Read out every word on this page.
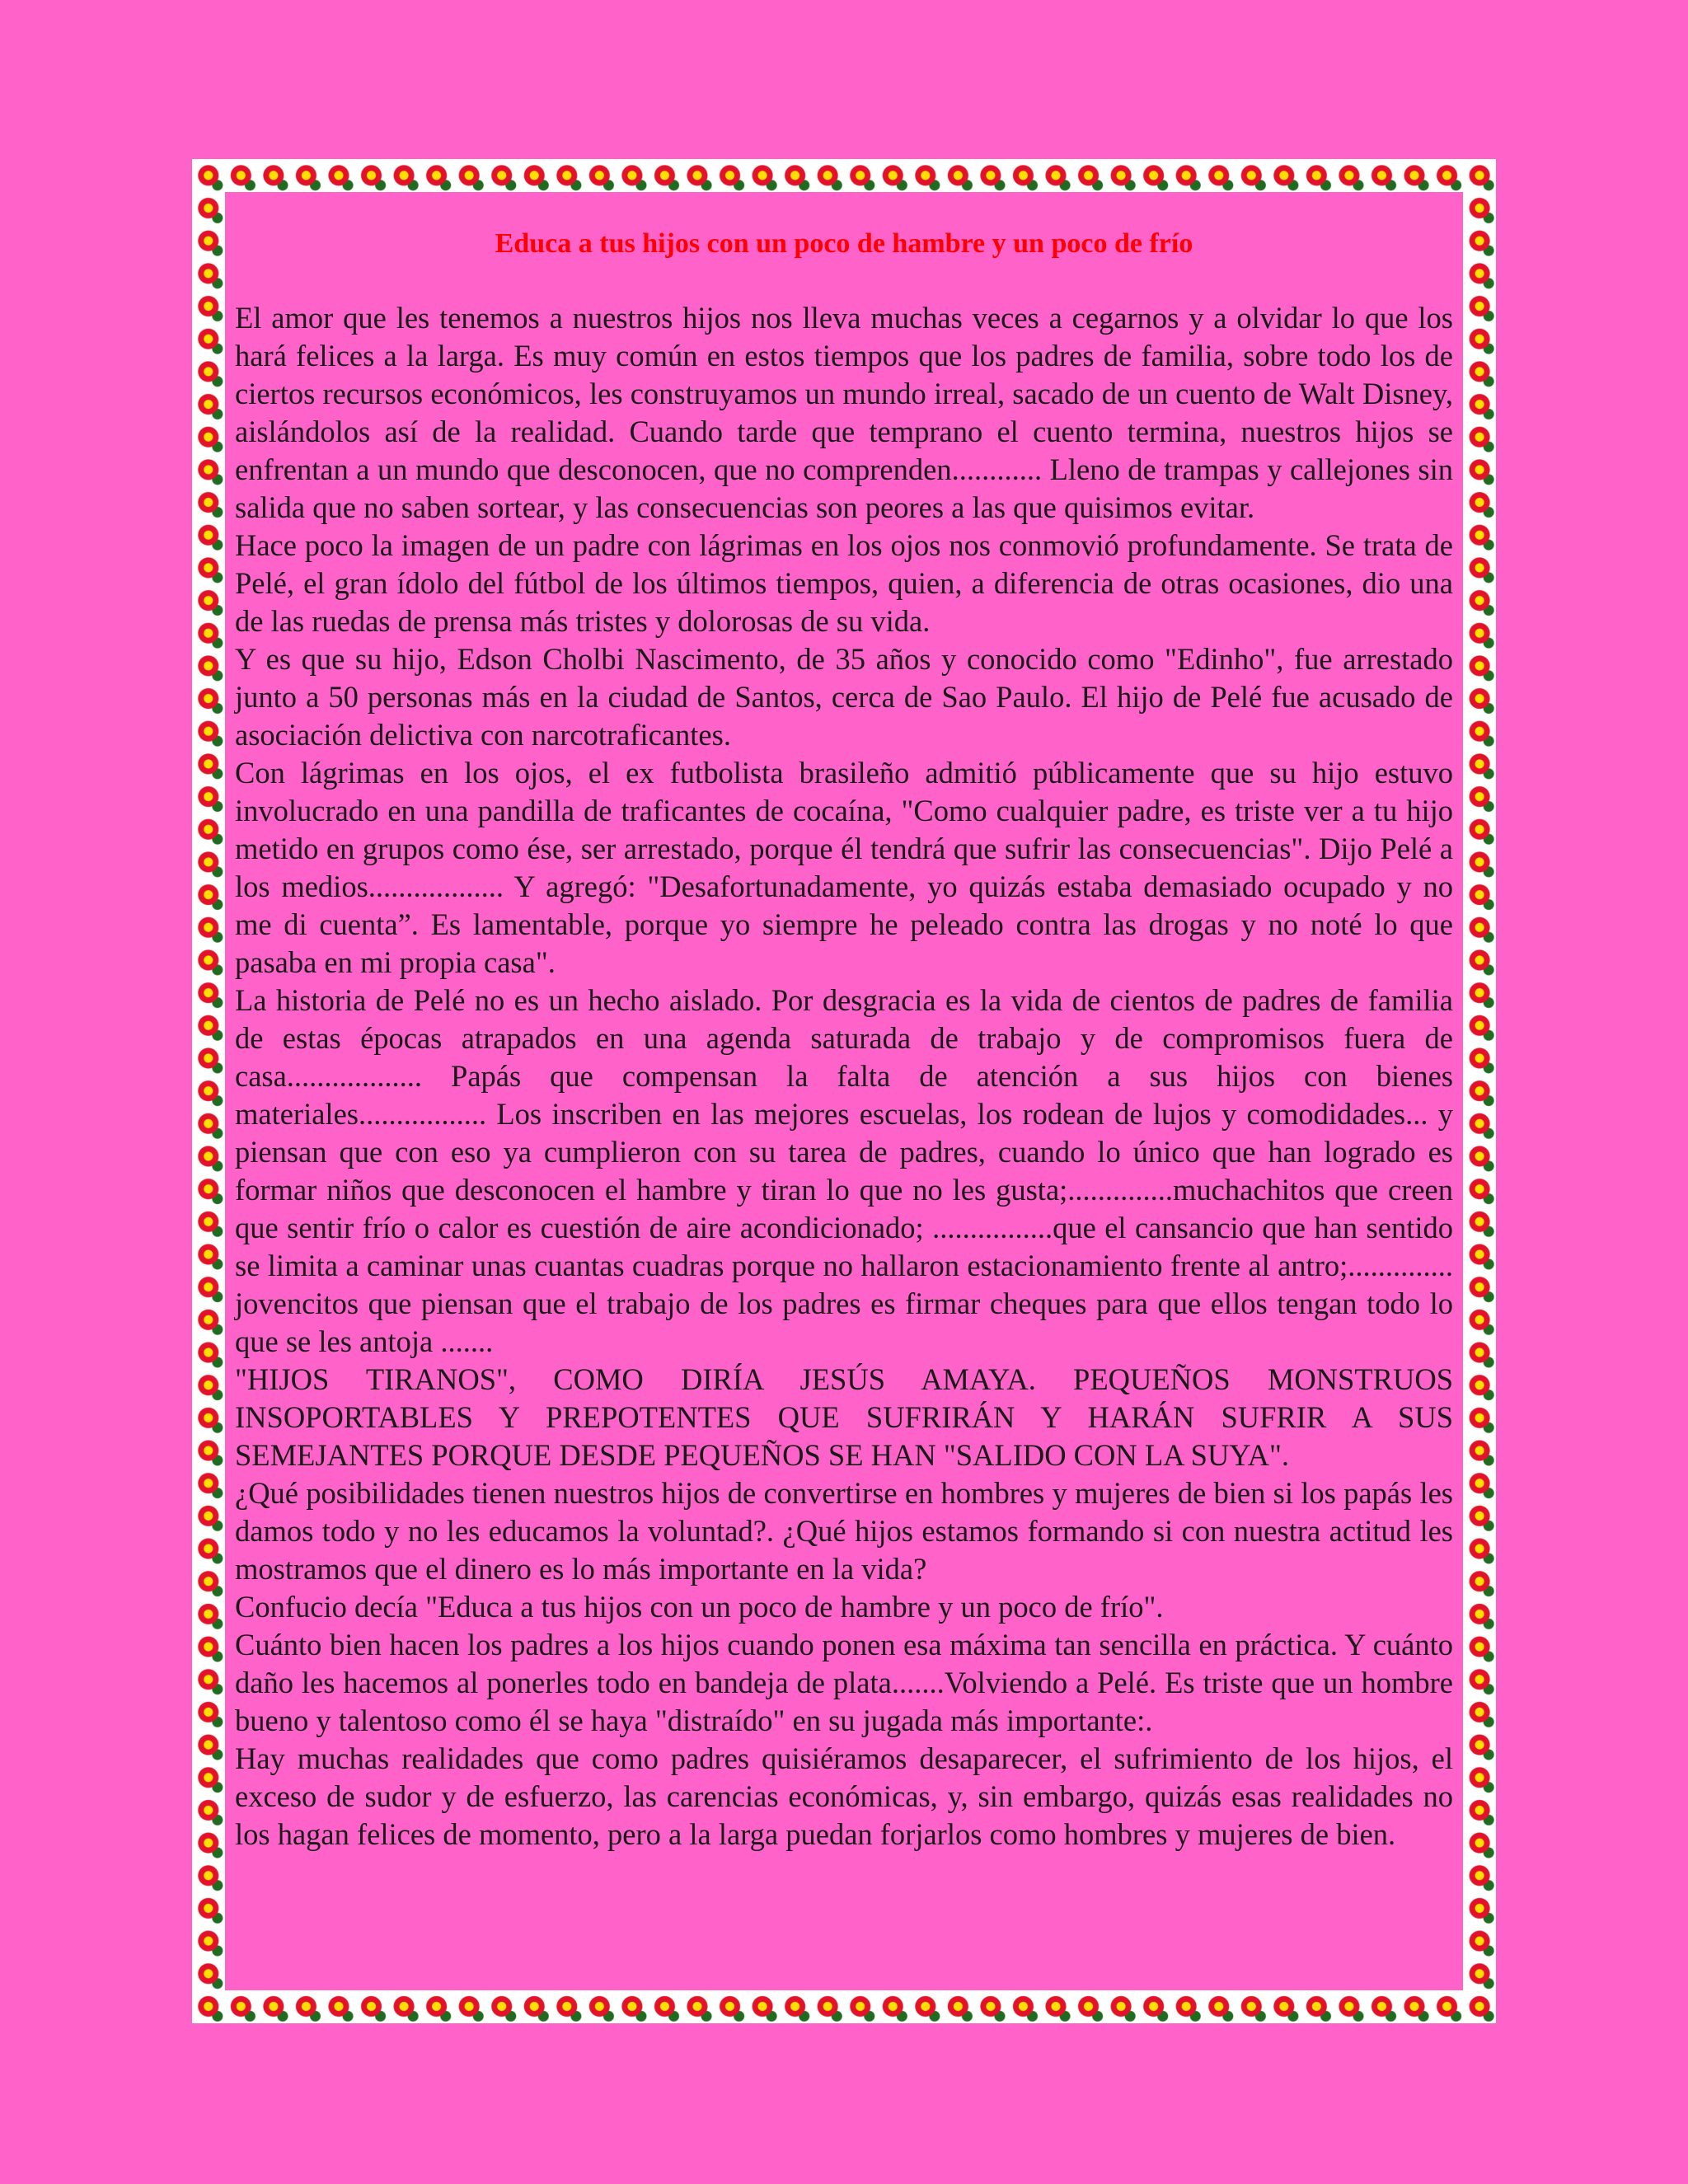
Educa a tus hijos con un poco de hambre y un poco de frío

El amor que les tenemos a nuestros hijos nos lleva muchas veces a cegarnos y a olvidar lo que los hará felices a la larga. Es muy común en estos tiempos que los padres de familia, sobre todo los de ciertos recursos económicos, les construyamos un mundo irreal, sacado de un cuento de Walt Disney, aislándolos así de la realidad. Cuando tarde que temprano el cuento termina, nuestros hijos se enfrentan a un mundo que desconocen, que no comprenden............ Lleno de trampas y callejones sin salida que no saben sortear, y las consecuencias son peores a las que quisimos evitar.

Hace poco la imagen de un padre con lágrimas en los ojos nos conmovió profundamente. Se trata de Pelé, el gran ídolo del fútbol de los últimos tiempos, quien, a diferencia de otras ocasiones, dio una de las ruedas de prensa más tristes y dolorosas de su vida.

Y es que su hijo, Edson Cholbi Nascimento, de 35 años y conocido como "Edinho", fue arrestado junto a 50 personas más en la ciudad de Santos, cerca de Sao Paulo. El hijo de Pelé fue acusado de asociación delictiva con narcotraficantes.

Con lágrimas en los ojos, el ex futbolista brasileño admitió públicamente que su hijo estuvo involucrado en una pandilla de traficantes de cocaína, "Como cualquier padre, es triste ver a tu hijo metido en grupos como ése, ser arrestado, porque él tendrá que sufrir las consecuencias". Dijo Pelé a los medios.................. Y agregó: "Desafortunadamente, yo quizás estaba demasiado ocupado y no me di cuenta”. Es lamentable, porque yo siempre he peleado contra las drogas y no noté lo que pasaba en mi propia casa".

La historia de Pelé no es un hecho aislado. Por desgracia es la vida de cientos de padres de familia de estas épocas atrapados en una agenda saturada de trabajo y de compromisos fuera de casa.................. Papás que compensan la falta de atención a sus hijos con bienes materiales................. Los inscriben en las mejores escuelas, los rodean de lujos y comodidades... y piensan que con eso ya cumplieron con su tarea de padres, cuando lo único que han logrado es formar niños que desconocen el hambre y tiran lo que no les gusta;..............muchachitos que creen que sentir frío o calor es cuestión de aire acondicionado; ................que el cansancio que han sentido se limita a caminar unas cuantas cuadras porque no hallaron estacionamiento frente al antro;.............. jovencitos que piensan que el trabajo de los padres es firmar cheques para que ellos tengan todo lo que se les antoja .......

"HIJOS TIRANOS", COMO DIRÍA JESÚS AMAYA. PEQUEÑOS MONSTRUOS INSOPORTABLES Y PREPOTENTES QUE SUFRIRÁN Y HARÁN SUFRIR A SUS SEMEJANTES PORQUE DESDE PEQUEÑOS SE HAN "SALIDO CON LA SUYA".

¿Qué posibilidades tienen nuestros hijos de convertirse en hombres y mujeres de bien si los papás les damos todo y no les educamos la voluntad?. ¿Qué hijos estamos formando si con nuestra actitud les mostramos que el dinero es lo más importante en la vida?

Confucio decía "Educa a tus hijos con un poco de hambre y un poco de frío".

Cuánto bien hacen los padres a los hijos cuando ponen esa máxima tan sencilla en práctica. Y cuánto daño les hacemos al ponerles todo en bandeja de plata.......Volviendo a Pelé. Es triste que un hombre bueno y talentoso como él se haya "distraído" en su jugada más importante:.

Hay muchas realidades que como padres quisiéramos desaparecer, el sufrimiento de los hijos, el exceso de sudor y de esfuerzo, las carencias económicas, y, sin embargo, quizás esas realidades no los hagan felices de momento, pero a la larga puedan forjarlos como hombres y mujeres de bien.
